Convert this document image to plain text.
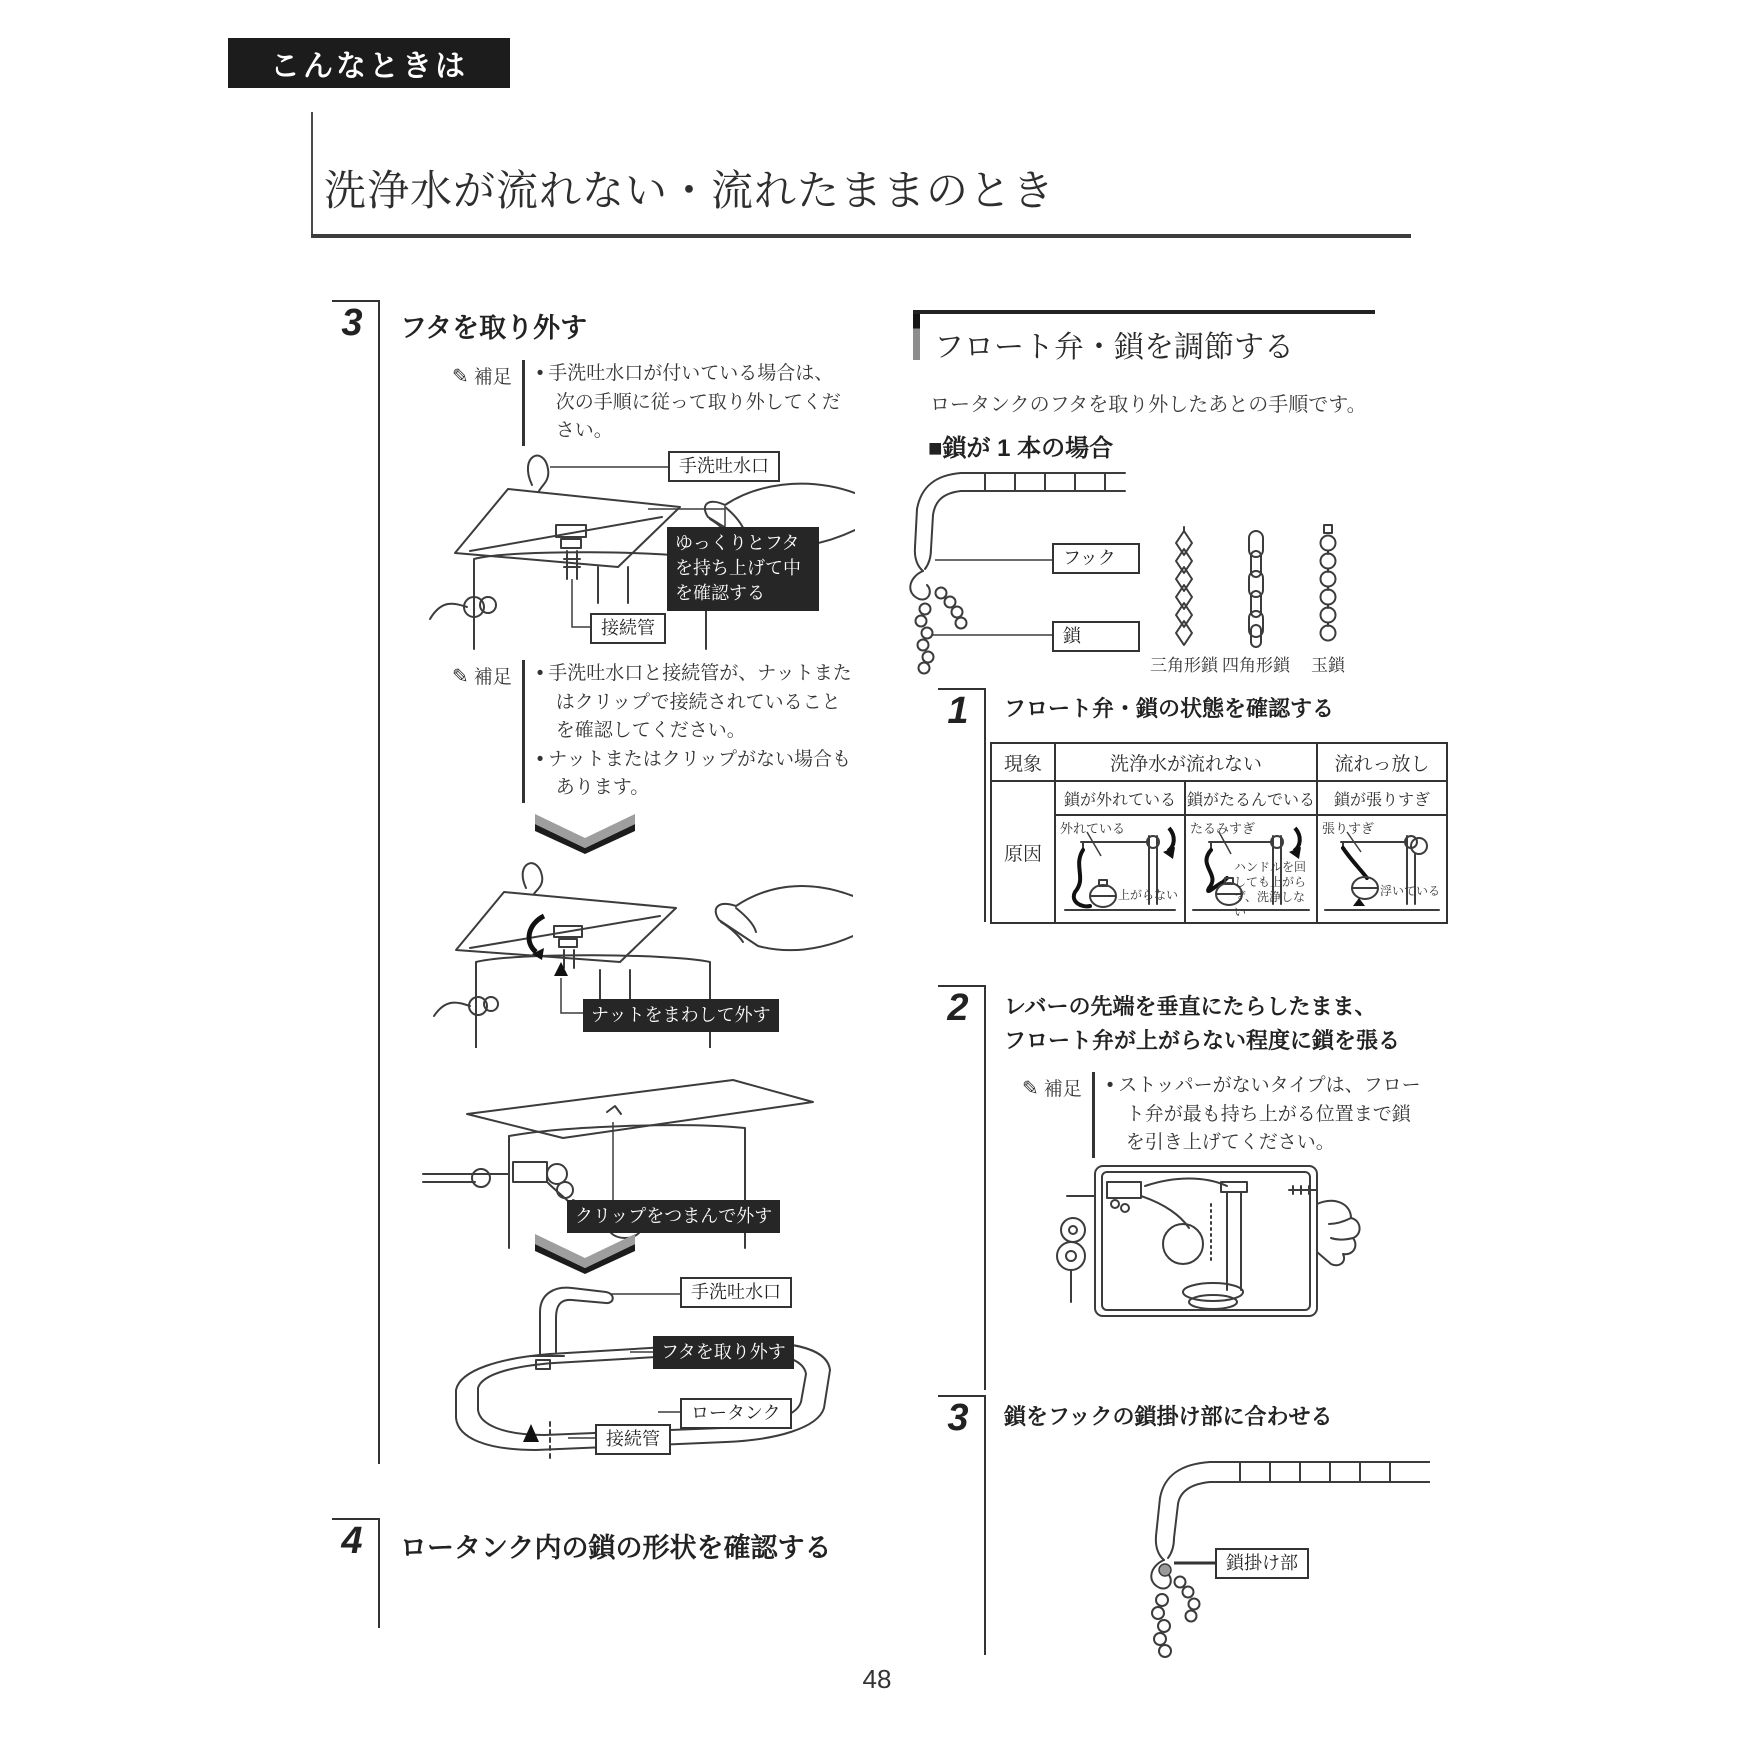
こんなときは
洗浄水が流れない・流れたままのとき
3	フタを取り外す
✎ 補足	• 手洗吐水口が付いている場合は、次の手順に従って取り外してください。
手洗吐水口
ゆっくりとフタを持ち上げて中を確認する
接続管
✎ 補足	• 手洗吐水口と接続管が、ナットまたはクリップで接続されていることを確認してください。
• ナットまたはクリップがない場合もあります。
ナットをまわして外す
クリップをつまんで外す
手洗吐水口
フタを取り外す
ロータンク
接続管
4	ロータンク内の鎖の形状を確認する
フロート弁・鎖を調節する
ロータンクのフタを取り外したあとの手順です。
■鎖が 1 本の場合
フック
鎖
三角形鎖 四角形鎖	玉鎖
1	フロート弁・鎖の状態を確認する
現象	洗浄水が流れない		流れっ放し
原因	鎖が外れている	鎖がたるんでいる	鎖が張りすぎ

外れている
上がらない

たるみすぎ
ハンドルを回しても上がらず、洗浄しない

張りすぎ
浮いている
2	レバーの先端を垂直にたらしたまま、
フロート弁が上がらない程度に鎖を張る
✎ 補足	• ストッパーがないタイプは、フロート弁が最も持ち上がる位置まで鎖を引き上げてください。
3	鎖をフックの鎖掛け部に合わせる
鎖掛け部
48
